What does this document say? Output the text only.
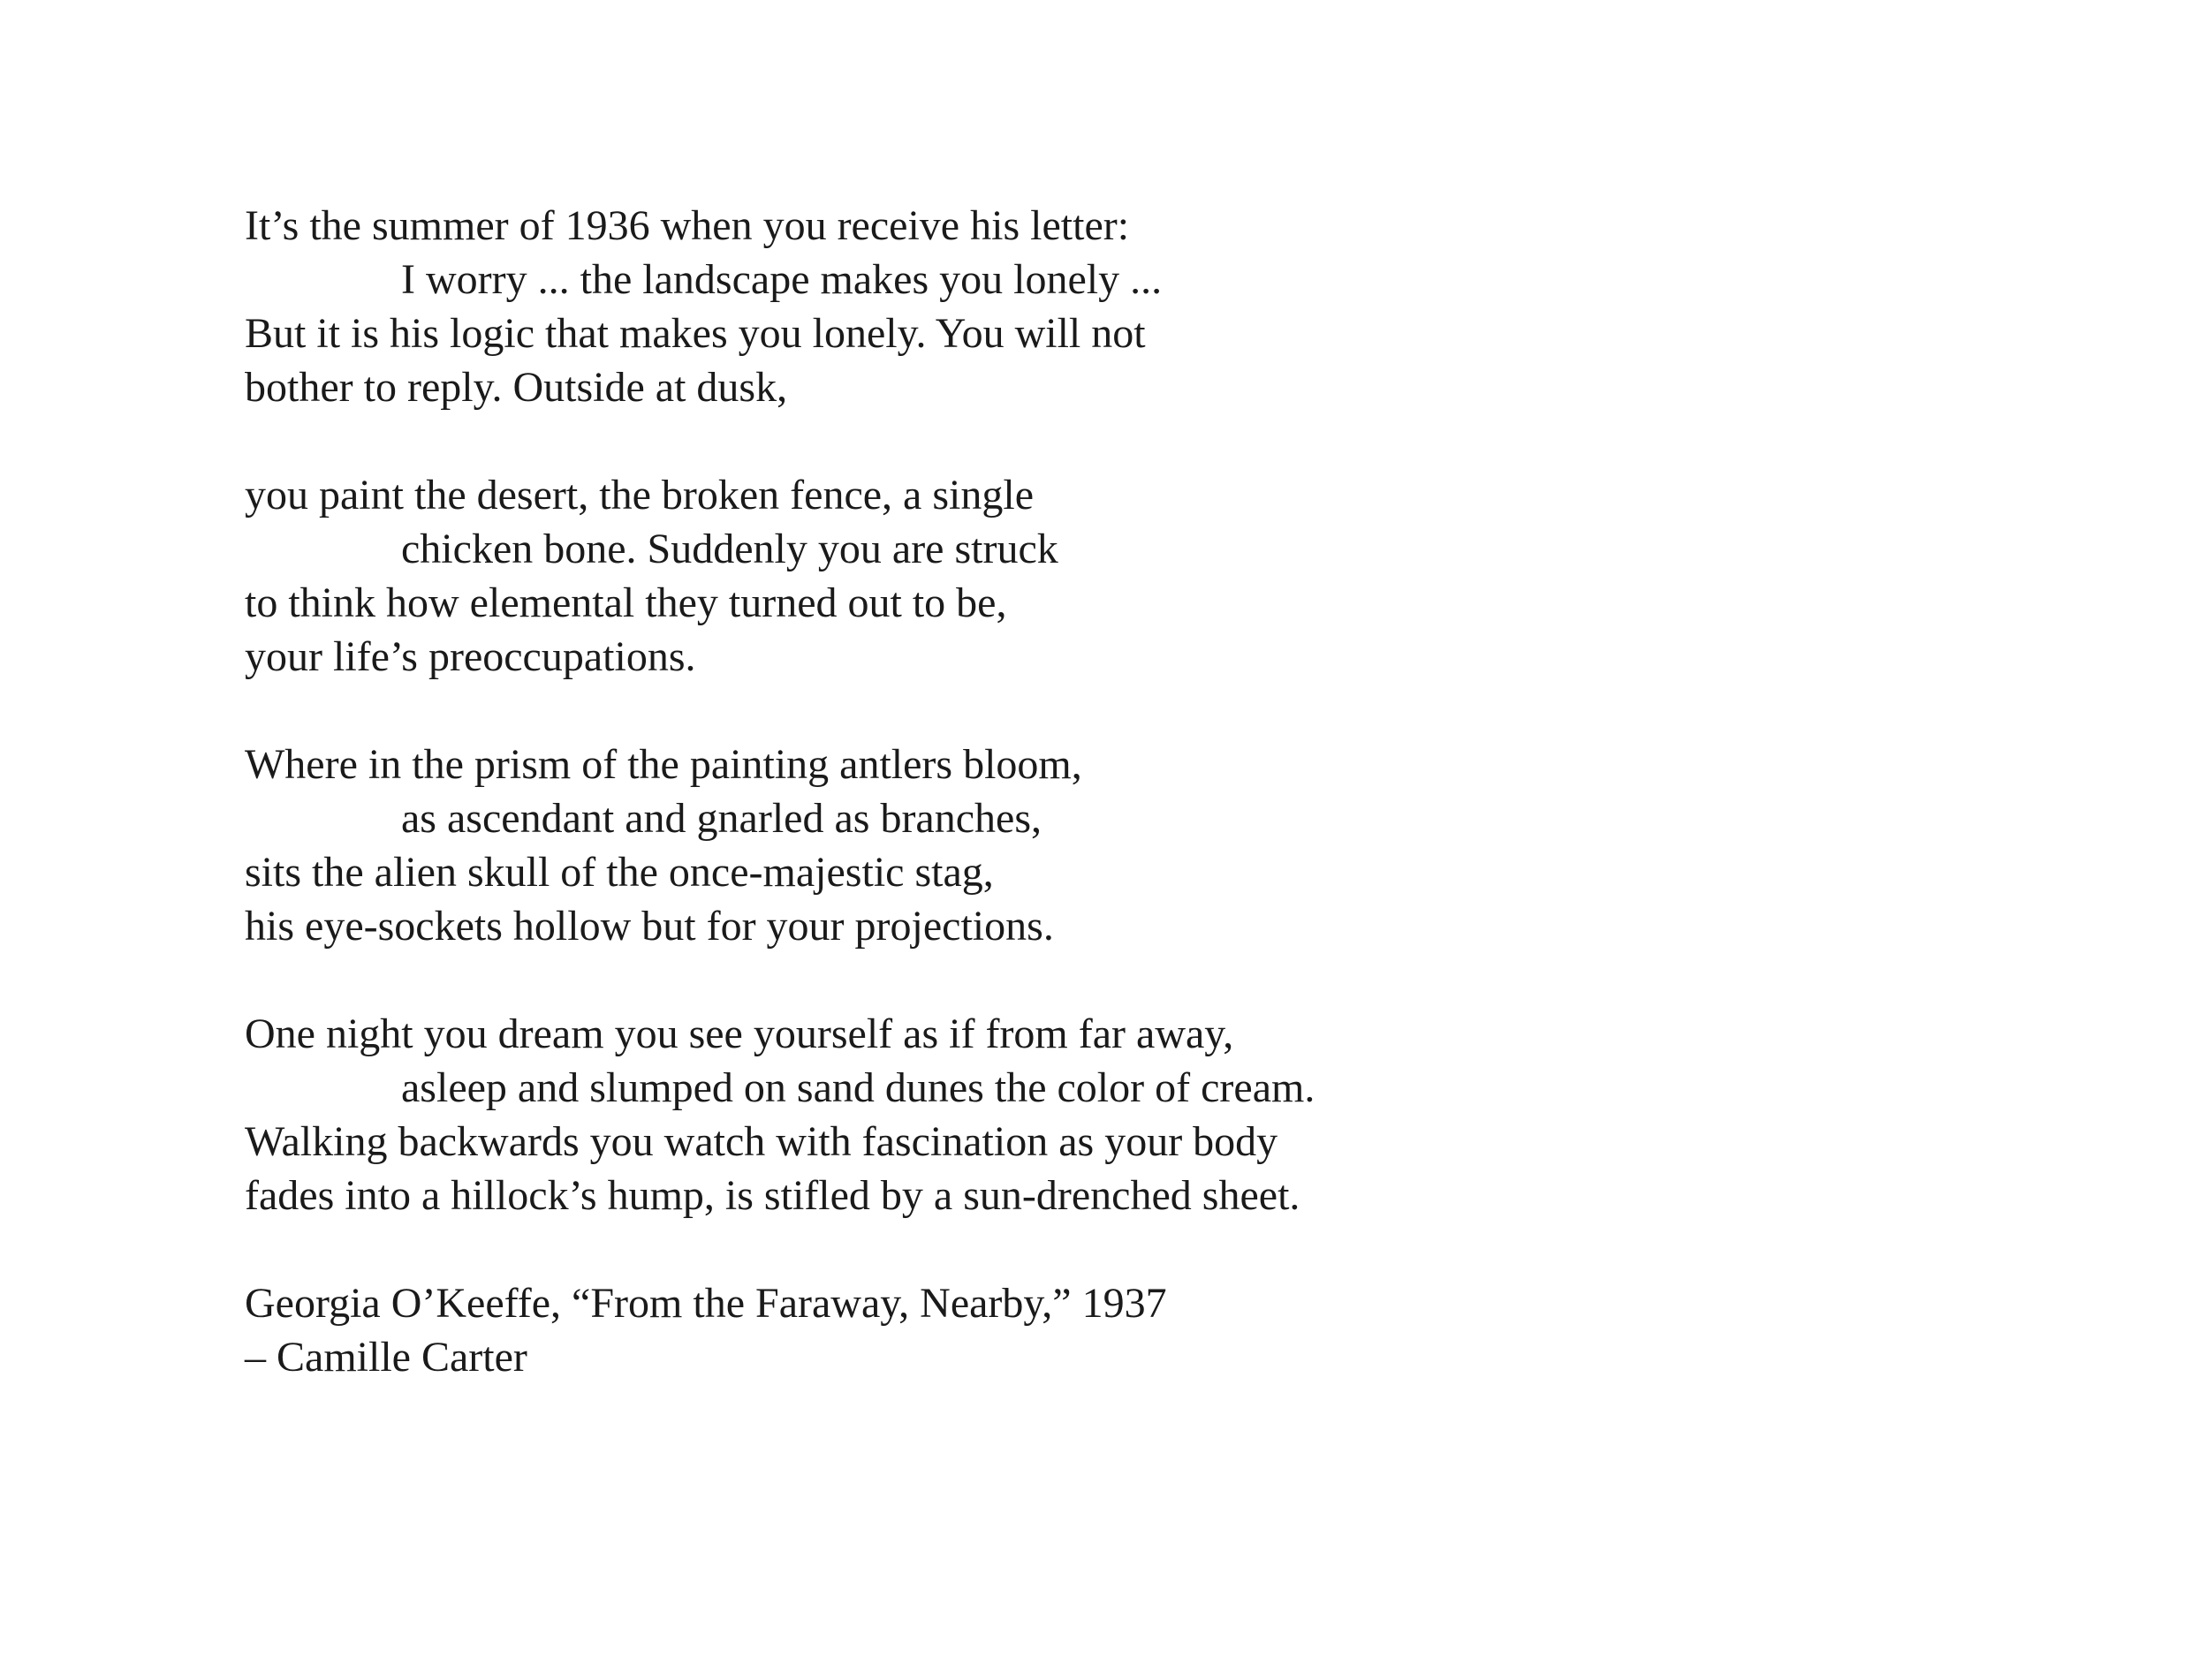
It’s the summer of 1936 when you receive his letter:
I worry ... the landscape makes you lonely ...
But it is his logic that makes you lonely. You will not
bother to reply. Outside at dusk,
you paint the desert, the broken fence, a single
chicken bone. Suddenly you are struck
to think how elemental they turned out to be,
your life’s preoccupations.
Where in the prism of the painting antlers bloom,
as ascendant and gnarled as branches,
sits the alien skull of the once-majestic stag,
his eye-sockets hollow but for your projections.
One night you dream you see yourself as if from far away,
asleep and slumped on sand dunes the color of cream.
Walking backwards you watch with fascination as your body
fades into a hillock’s hump, is stifled by a sun-drenched sheet.
Georgia O’Keeffe, “From the Faraway, Nearby,” 1937
– Camille Carter
